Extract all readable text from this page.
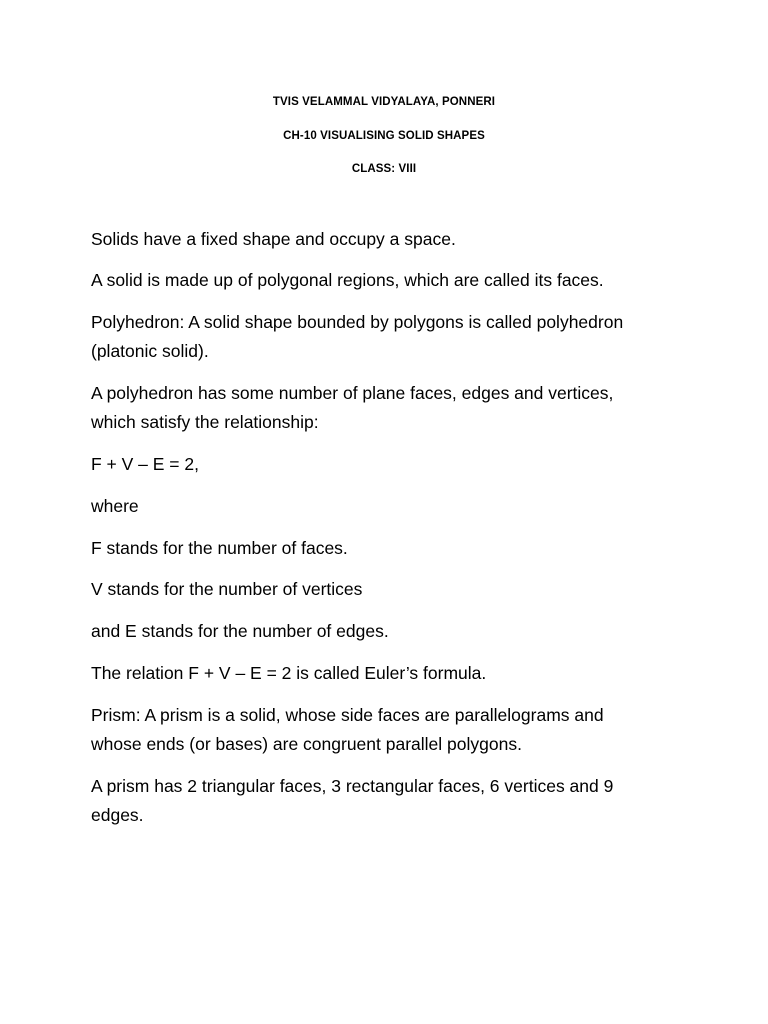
TVIS VELAMMAL VIDYALAYA, PONNERI
CH-10 VISUALISING SOLID SHAPES
CLASS: VIII

Solids have a fixed shape and occupy a space.

A solid is made up of polygonal regions, which are called its faces.

Polyhedron: A solid shape bounded by polygons is called polyhedron (platonic solid).

A polyhedron has some number of plane faces, edges and vertices, which satisfy the relationship:

F + V – E = 2,

where

F stands for the number of faces.

V stands for the number of vertices

and E stands for the number of edges.

The relation F + V – E = 2 is called Euler’s formula.

Prism: A prism is a solid, whose side faces are parallelograms and whose ends (or bases) are congruent parallel polygons.

A prism has 2 triangular faces, 3 rectangular faces, 6 vertices and 9 edges.
